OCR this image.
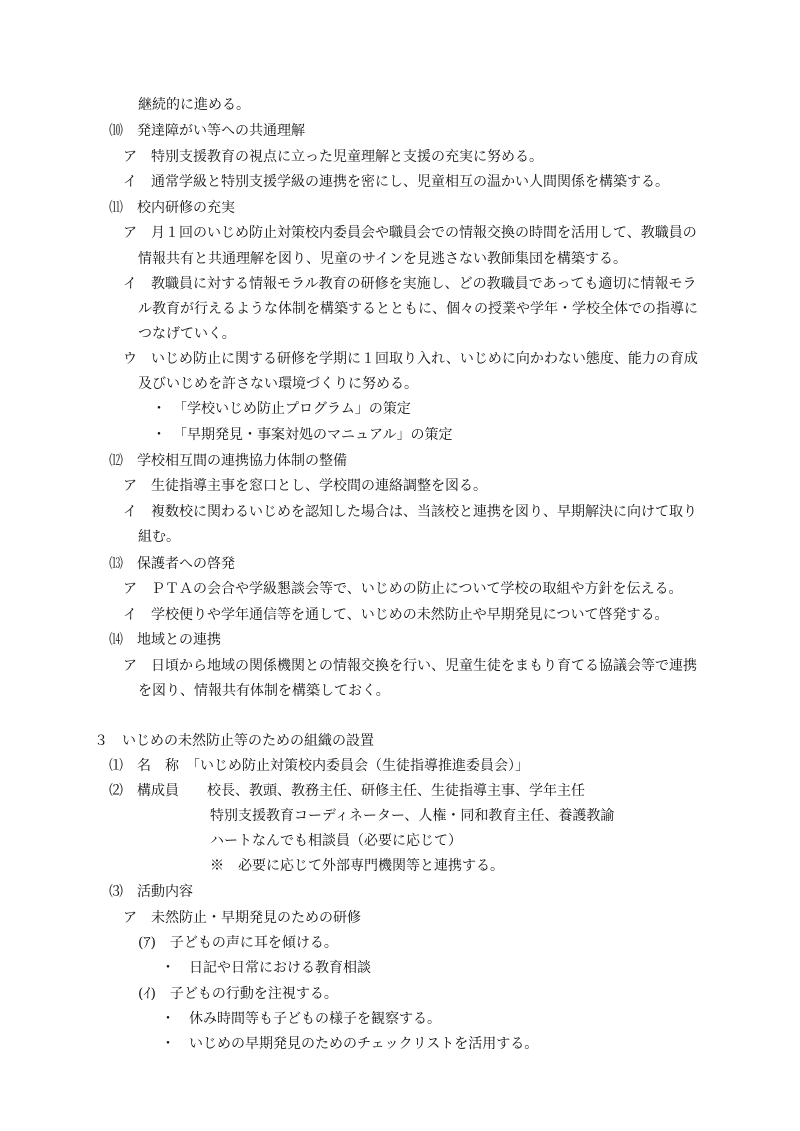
継続的に進める。
⑽　発達障がい等への共通理解
ア　特別支援教育の視点に立った児童理解と支援の充実に努める。
イ　通常学級と特別支援学級の連携を密にし、児童相互の温かい人間関係を構築する。
⑾　校内研修の充実
ア　月１回のいじめ防止対策校内委員会や職員会での情報交換の時間を活用して、教職員の
情報共有と共通理解を図り、児童のサインを見逃さない教師集団を構築する。
イ　教職員に対する情報モラル教育の研修を実施し、どの教職員であっても適切に情報モラ
ル教育が行えるような体制を構築するとともに、個々の授業や学年・学校全体での指導に
つなげていく。
ウ　いじめ防止に関する研修を学期に１回取り入れ、いじめに向かわない態度、能力の育成
及びいじめを許さない環境づくりに努める。
・　「学校いじめ防止プログラム」の策定
・　「早期発見・事案対処のマニュアル」の策定
⑿　学校相互間の連携協力体制の整備
ア　生徒指導主事を窓口とし、学校間の連絡調整を図る。
イ　複数校に関わるいじめを認知した場合は、当該校と連携を図り、早期解決に向けて取り
組む。
⒀　保護者への啓発
ア　ＰＴＡの会合や学級懇談会等で、いじめの防止について学校の取組や方針を伝える。
イ　学校便りや学年通信等を通して、いじめの未然防止や早期発見について啓発する。
⒁　地域との連携
ア　日頃から地域の関係機関との情報交換を行い、児童生徒をまもり育てる協議会等で連携
を図り、情報共有体制を構築しておく。
３　いじめの未然防止等のための組織の設置
⑴　名　称　「いじめ防止対策校内委員会（生徒指導推進委員会）」
⑵　構成員　　校長、教頭、教務主任、研修主任、生徒指導主事、学年主任
特別支援教育コーディネーター、人権・同和教育主任、養護教諭
ハートなんでも相談員（必要に応じて）
※　必要に応じて外部専門機関等と連携する。
⑶　活動内容
ア　未然防止・早期発見のための研修
(ｱ)　子どもの声に耳を傾ける。
・　日記や日常における教育相談
(ｲ)　子どもの行動を注視する。
・　休み時間等も子どもの様子を観察する。
・　いじめの早期発見のためのチェックリストを活用する。
